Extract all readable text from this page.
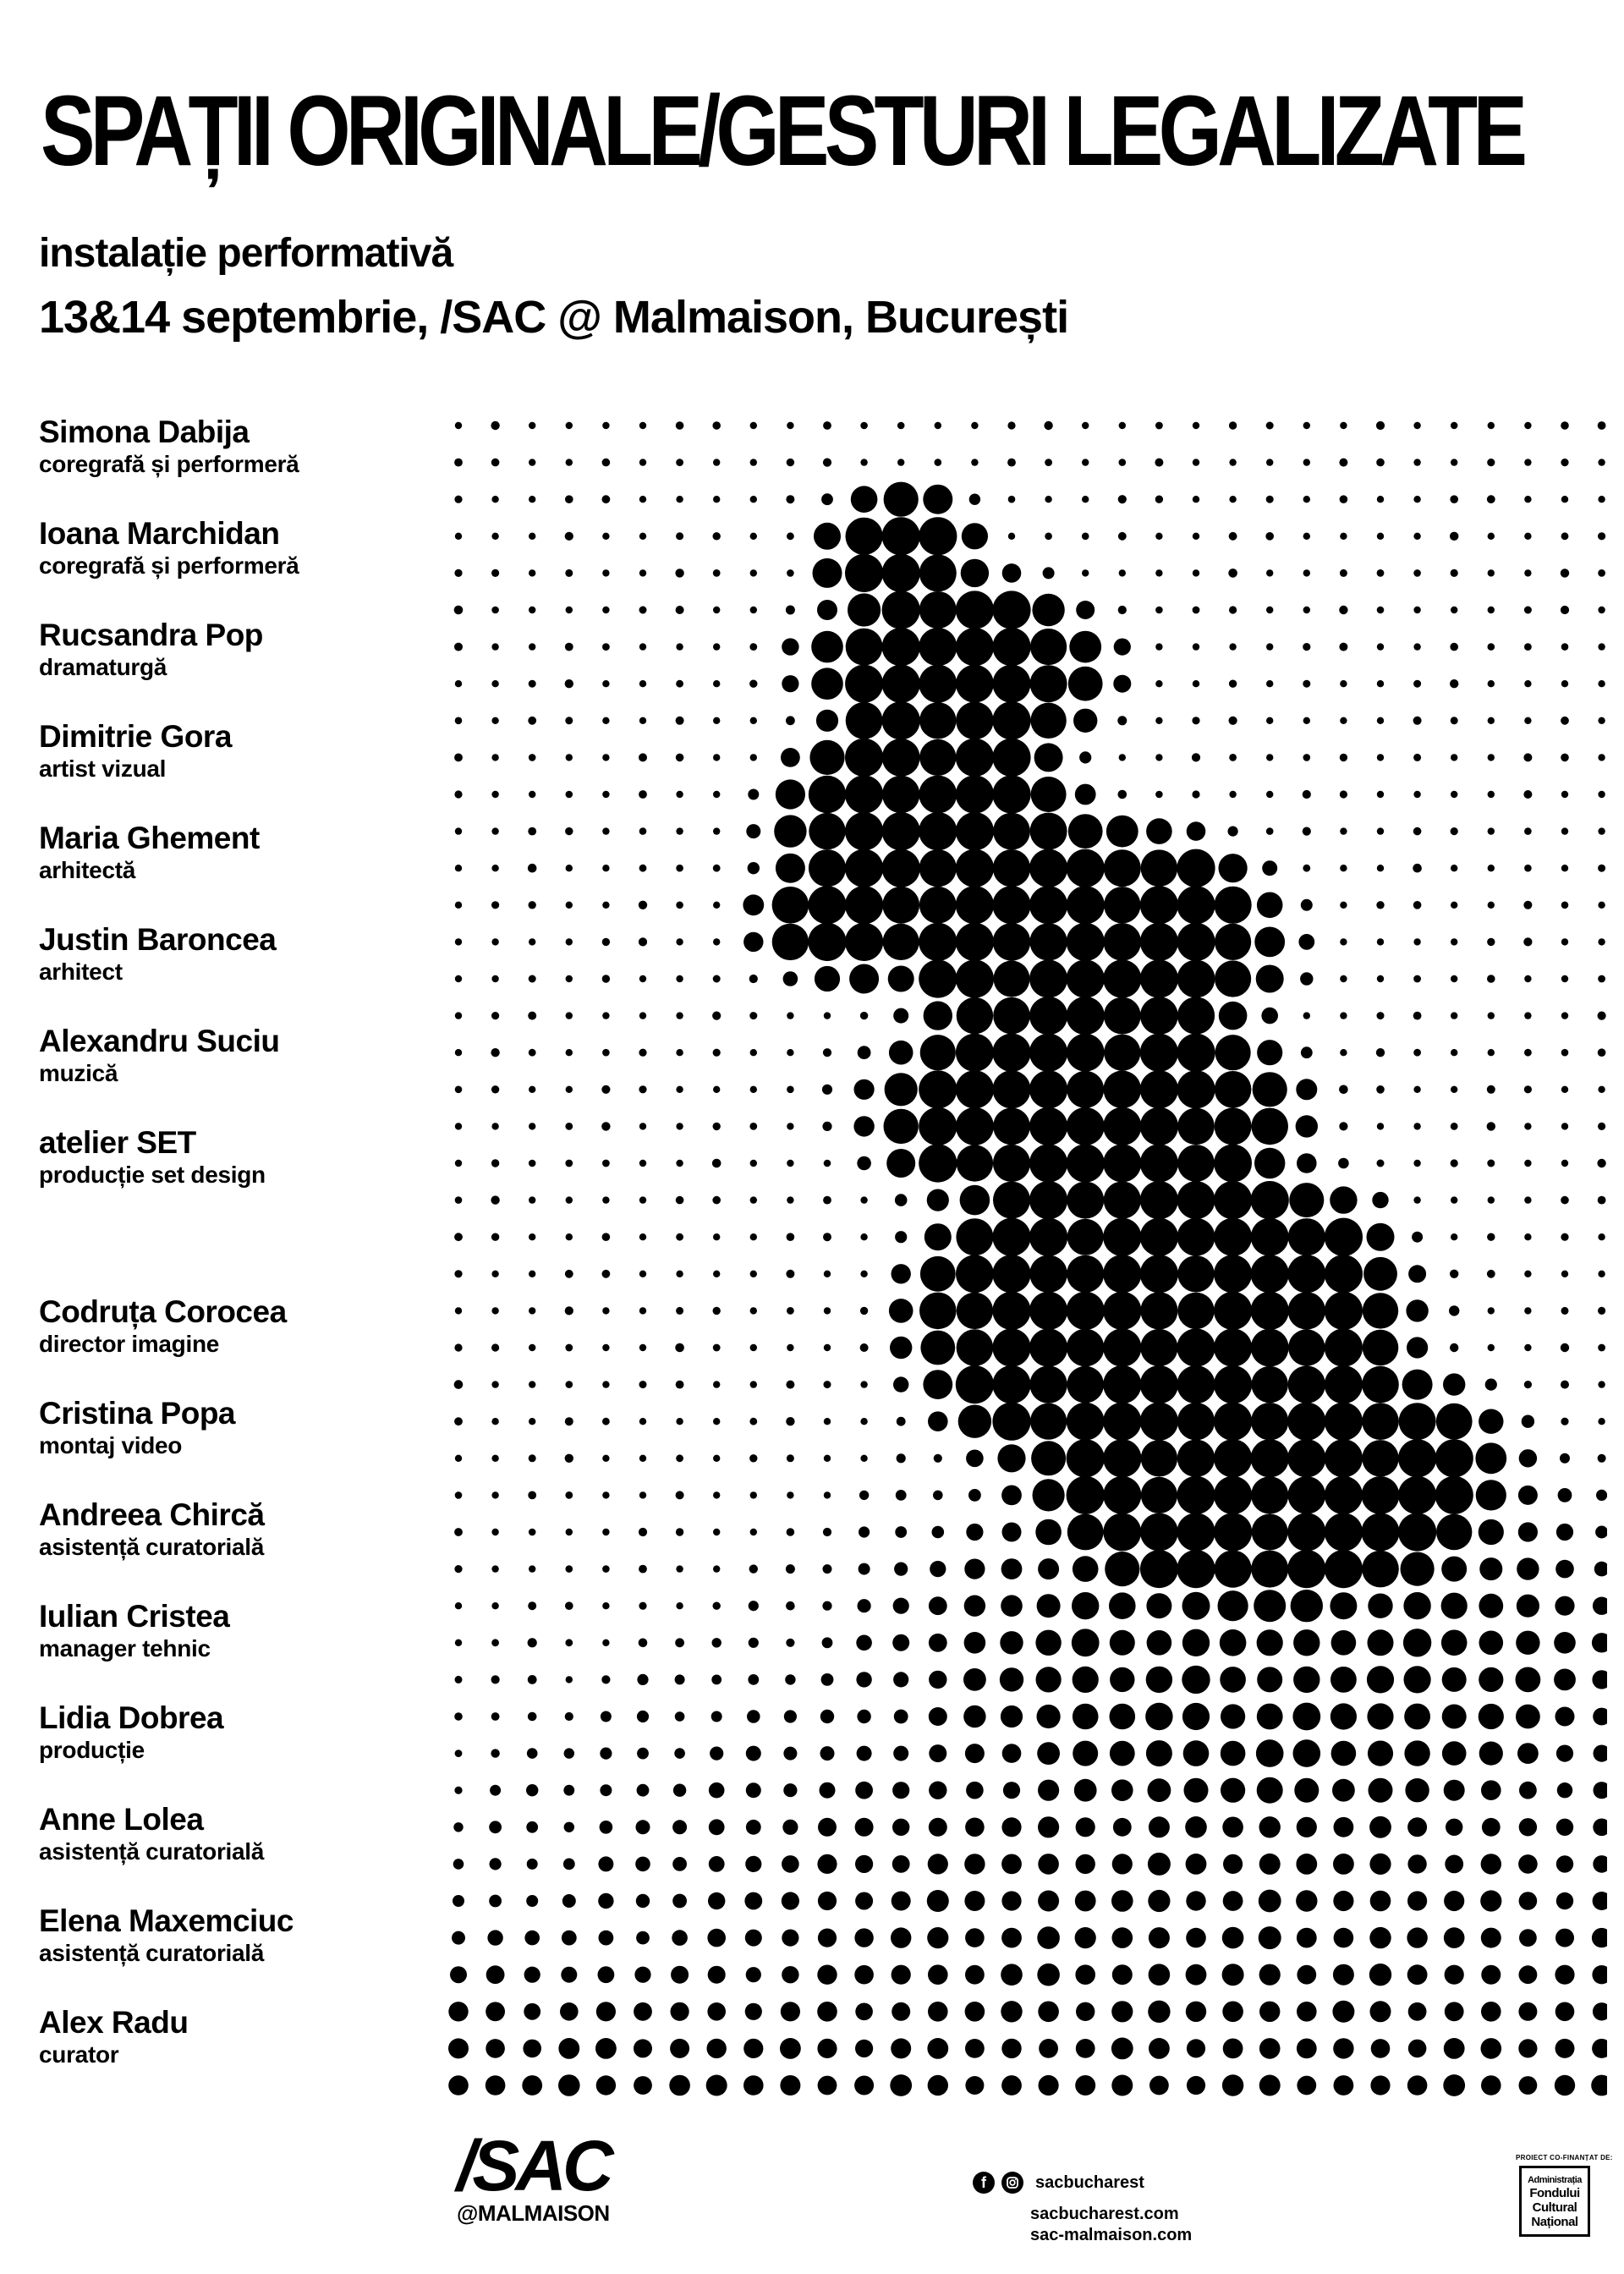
SPAȚII ORIGINALE/GESTURI LEGALIZATE
instalație performativă
13&14 septembrie, /SAC @ Malmaison, București
Simona Dabija
coregrafă și performeră
Ioana Marchidan
coregrafă și performeră
Rucsandra Pop
dramaturgă
Dimitrie Gora
artist vizual
Maria Ghement
arhitectă
Justin Baroncea
arhitect
Alexandru Suciu
muzică
atelier SET
producție set design
Codruța Corocea
director imagine
Cristina Popa
montaj video
Andreea Chircă
asistență curatorială
Iulian Cristea
manager tehnic
Lidia Dobrea
producție
Anne Lolea
asistență curatorială
Elena Maxemciuc
asistență curatorială
Alex Radu
curator
/SAC
@MALMAISON
f	sacbucharest
sacbucharest.com
sac-malmaison.com
PROIECT CO-FINANȚAT DE:
Administrația
Fondului
Cultural
Național
